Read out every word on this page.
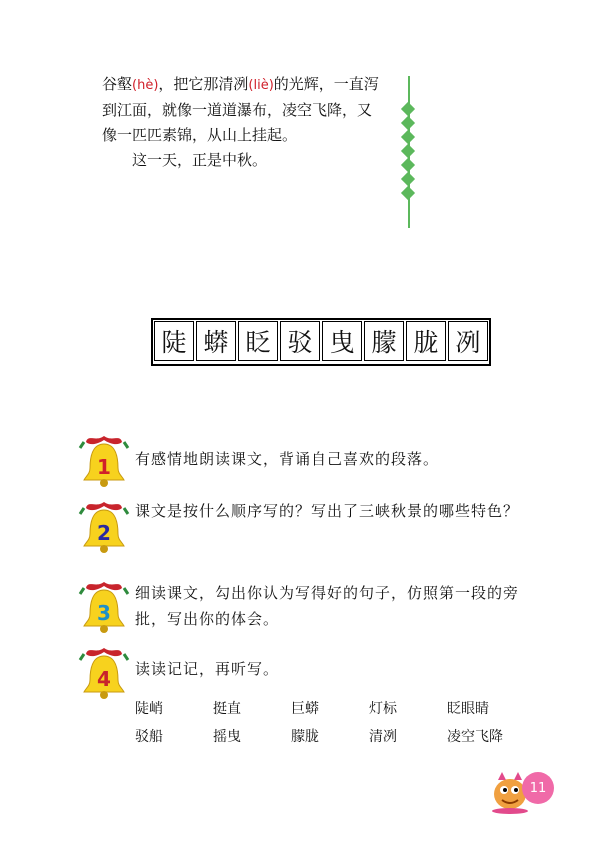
谷壑(hè)，把它那清冽(liè)的光辉，一直泻

到江面，就像一道道瀑布，凌空飞降，又

像一匹匹素锦，从山上挂起。

这一天，正是中秋。

陡 蟒 眨 驳 曳 朦 胧 冽
1 有感情地朗读课文，背诵自己喜欢的段落。

2

课文是按什么顺序写的？写出了三峡秋景的哪些特色？

3

细读课文，勾出你认为写得好的句子，仿照第一段的旁批，写出你的体会。

4 读读记记，再听写。

陡峭	挺直	巨蟒	灯标	眨眼睛
驳船	摇曳	朦胧	清冽	凌空飞降
11
